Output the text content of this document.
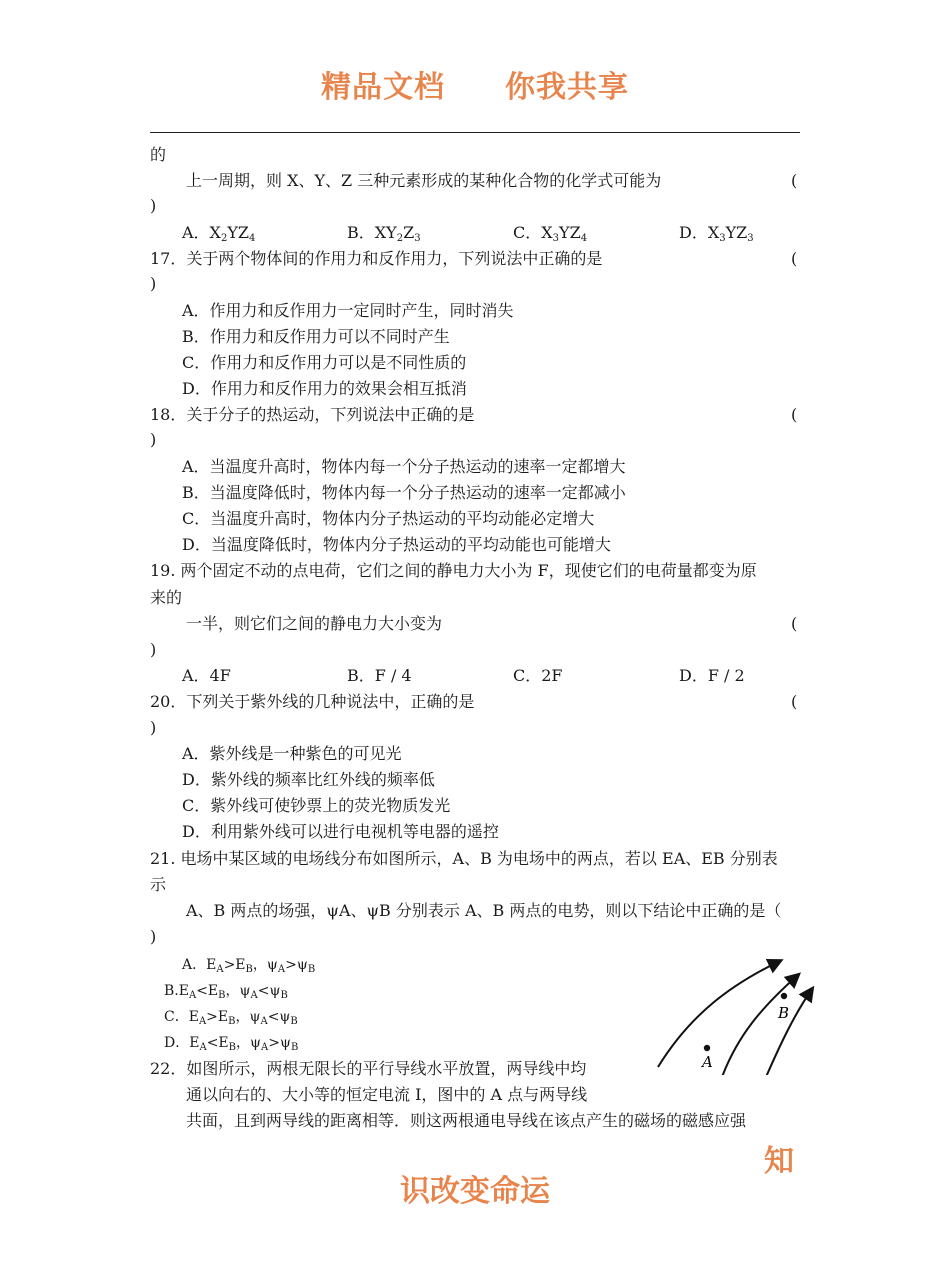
精品文档 你我共享
的
上一周期，则 X、Y、Z 三种元素形成的某种化合物的化学式可能为	(
)
A．$X_2YZ_4$	B．$XY_2Z_3$	C．$X_3YZ_4$	D．$X_3YZ_3$
17．关于两个物体间的作用力和反作用力，下列说法中正确的是	(
)
A．作用力和反作用力一定同时产生，同时消失
B．作用力和反作用力可以不同时产生
C．作用力和反作用力可以是不同性质的
D．作用力和反作用力的效果会相互抵消
18．关于分子的热运动，下列说法中正确的是	(
)
A．当温度升高时，物体内每一个分子热运动的速率一定都增大
B．当温度降低时，物体内每一个分子热运动的速率一定都减小
C．当温度升高时，物体内分子热运动的平均动能必定增大
D．当温度降低时，物体内分子热运动的平均动能也可能增大
19. 两个固定不动的点电荷，它们之间的静电力大小为 F，现使它们的电荷量都变为原
来的
一半，则它们之间的静电力大小变为	(
)
A．4F	B．F / 4	C．2F	D．F / 2
20．下列关于紫外线的几种说法中，正确的是	(
)
A．紫外线是一种紫色的可见光
D．紫外线的频率比红外线的频率低
C．紫外线可使钞票上的荧光物质发光
D．利用紫外线可以进行电视机等电器的遥控
21. 电场中某区域的电场线分布如图所示，A、B 为电场中的两点，若以 EA、EB 分别表
示
A、B 两点的场强，ψA、ψB 分别表示 A、B 两点的电势，则以下结论中正确的是（
)
A．$E_A>E_B$，$\psi_A>\psi_B$
$B.E_A<E_B$，$\psi_A<\psi_B$
C．$E_A>E_B$，$\psi_A<\psi_B$
D．$E_A<E_B$，$\psi_A>\psi_B$
22．如图所示，两根无限长的平行导线水平放置，两导线中均
通以向右的、大小等的恒定电流 I，图中的 A 点与两导线
共面，且到两导线的距离相等．则这两根通电导线在该点产生的磁场的磁感应强
A
B
知
识改变命运
